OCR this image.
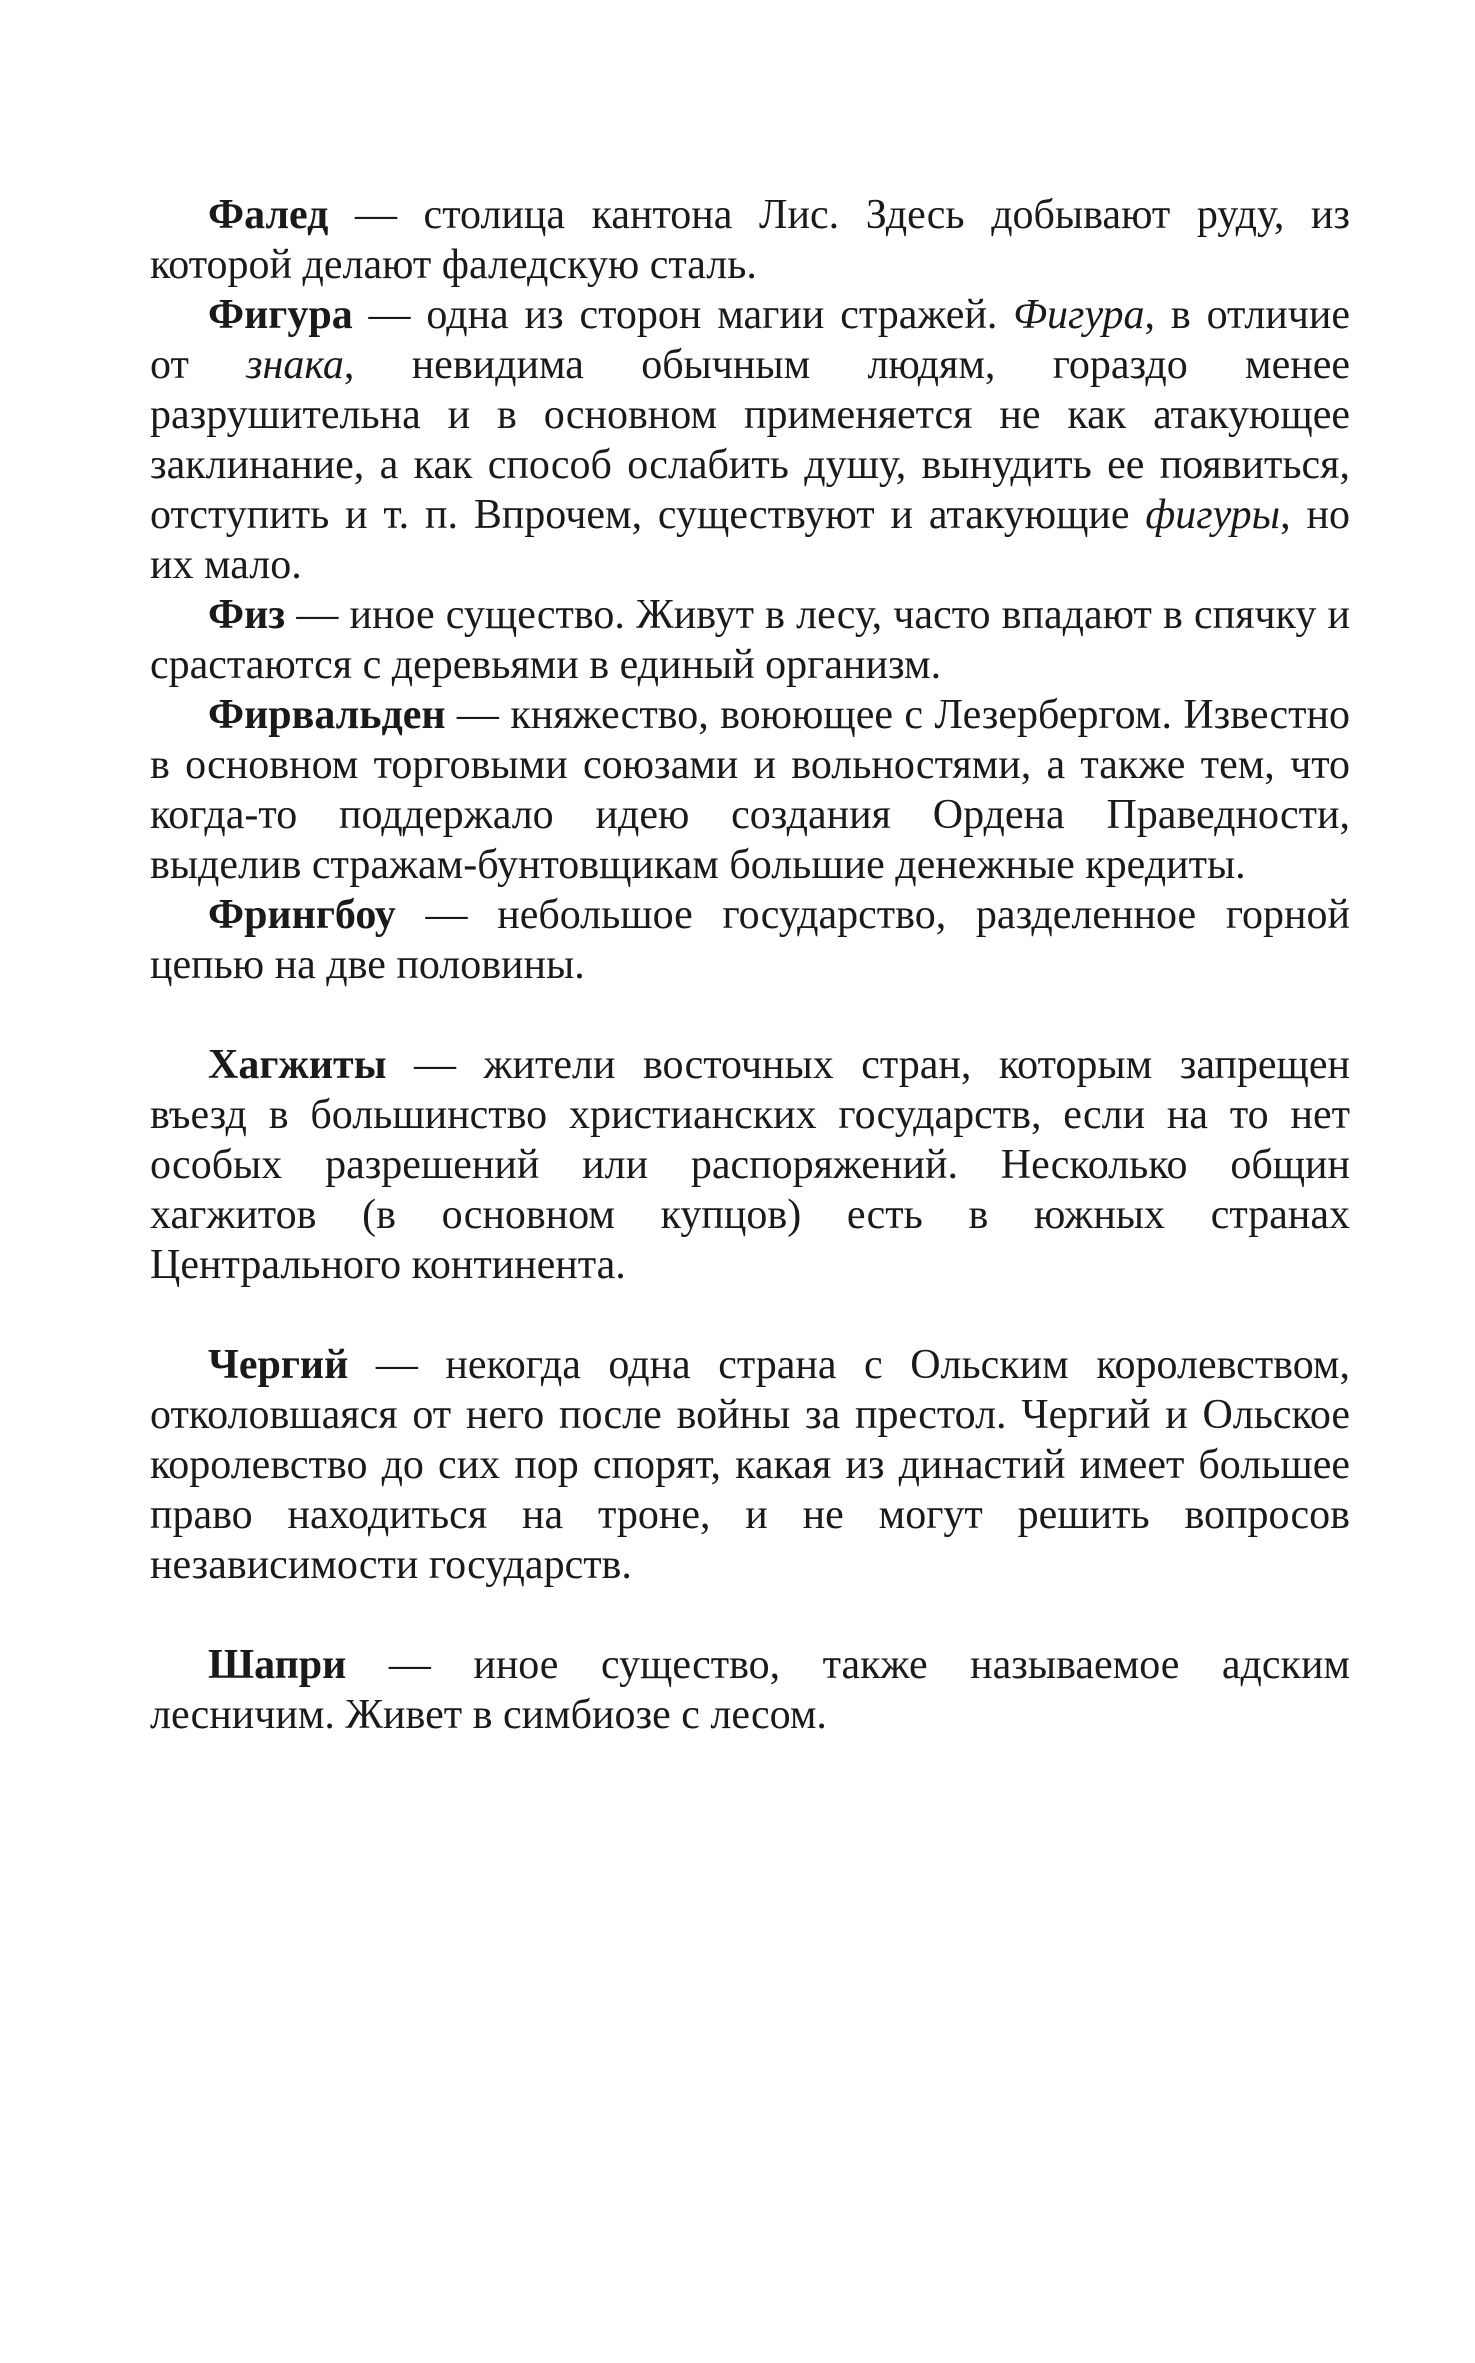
Фалед — столица кантона Лис. Здесь добывают руду, из которой делают фаледскую сталь.

Фигура — одна из сторон магии стражей. Фигура, в отличие от знака, невидима обычным людям, гораздо менее разрушительна и в основном применяется не как атакующее заклинание, а как способ ослабить душу, вынудить ее появиться, отступить и т. п. Впрочем, существуют и атакующие фигуры, но их мало.

Физ — иное существо. Живут в лесу, часто впадают в спячку и срастаются с деревьями в единый организм.

Фирвальден — княжество, воюющее с Лезербергом. Известно в основном торговыми союзами и вольностями, а также тем, что когда-то поддержало идею создания Ордена Праведности, выделив стражам-бунтовщикам большие денежные кредиты.

Фрингбоу — небольшое государство, разделенное горной цепью на две половины.

Хагжиты — жители восточных стран, которым запрещен въезд в большинство христианских государств, если на то нет особых разрешений или распоряжений. Несколько общин хагжитов (в основном купцов) есть в южных странах Центрального континента.

Чергий — некогда одна страна с Ольским королевством, отколовшаяся от него после войны за престол. Чергий и Ольское королевство до сих пор спорят, какая из династий имеет большее право находиться на троне, и не могут решить вопросов независимости государств.

Шапри — иное существо, также называемое адским лесничим. Живет в симбиозе с лесом.
